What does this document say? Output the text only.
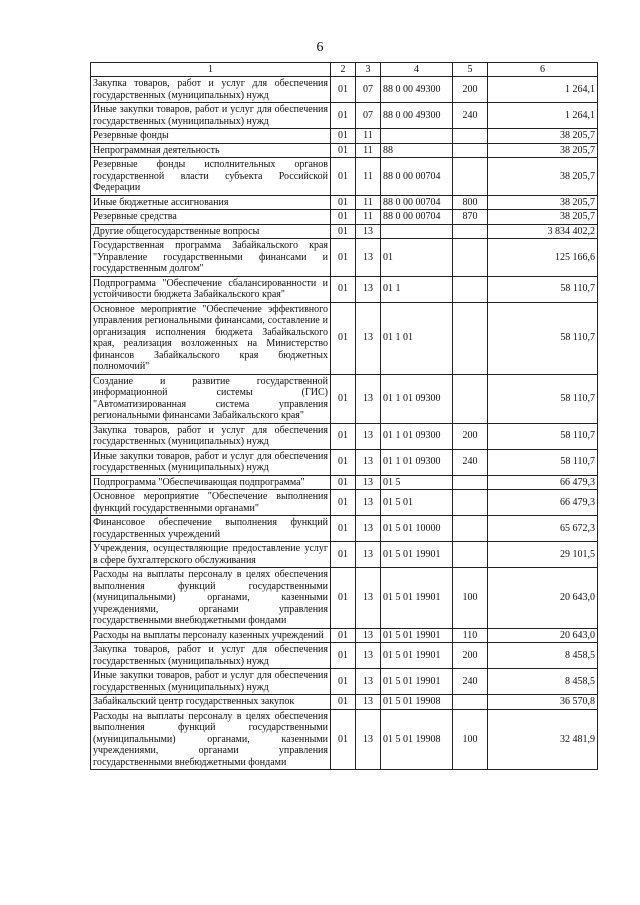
6
1	2	3	4	5	6
Закупка товаров, работ и услуг для обеспечения государственных (муниципальных) нужд	01	07	88 0 00 49300	200	1 264,1
Иные закупки товаров, работ и услуг для обеспечения государственных (муниципальных) нужд	01	07	88 0 00 49300	240	1 264,1
Резервные фонды	01	11			38 205,7
Непрограммная деятельность	01	11	88		38 205,7
Резервные фонды исполнительных органов государственной власти субъекта Российской Федерации	01	11	88 0 00 00704		38 205,7
Иные бюджетные ассигнования	01	11	88 0 00 00704	800	38 205,7
Резервные средства	01	11	88 0 00 00704	870	38 205,7
Другие общегосударственные вопросы	01	13			3 834 402,2
Государственная программа Забайкальского края "Управление государственными финансами и государственным долгом"	01	13	01		125 166,6
Подпрограмма "Обеспечение сбалансированности и устойчивости бюджета Забайкальского края"	01	13	01 1		58 110,7
Основное мероприятие "Обеспечение эффективного управления региональными финансами, составление и организация исполнения бюджета Забайкальского края, реализация возложенных на Министерство финансов Забайкальского края бюджетных полномочий"	01	13	01 1 01		58 110,7
Создание и развитие государственной информационной системы (ГИС) "Автоматизированная система управления региональными финансами Забайкальского края"	01	13	01 1 01 09300		58 110,7
Закупка товаров, работ и услуг для обеспечения государственных (муниципальных) нужд	01	13	01 1 01 09300	200	58 110,7
Иные закупки товаров, работ и услуг для обеспечения государственных (муниципальных) нужд	01	13	01 1 01 09300	240	58 110,7
Подпрограмма "Обеспечивающая подпрограмма"	01	13	01 5		66 479,3
Основное мероприятие "Обеспечение выполнения функций государственными органами"	01	13	01 5 01		66 479,3
Финансовое обеспечение выполнения функций государственных учреждений	01	13	01 5 01 10000		65 672,3
Учреждения, осуществляющие предоставление услуг в сфере бухгалтерского обслуживания	01	13	01 5 01 19901		29 101,5
Расходы на выплаты персоналу в целях обеспечения выполнения функций государственными (муниципальными) органами, казенными учреждениями, органами управления государственными внебюджетными фондами	01	13	01 5 01 19901	100	20 643,0
Расходы на выплаты персоналу казенных учреждений	01	13	01 5 01 19901	110	20 643,0
Закупка товаров, работ и услуг для обеспечения государственных (муниципальных) нужд	01	13	01 5 01 19901	200	8 458,5
Иные закупки товаров, работ и услуг для обеспечения государственных (муниципальных) нужд	01	13	01 5 01 19901	240	8 458,5
Забайкальский центр государственных закупок	01	13	01 5 01 19908		36 570,8
Расходы на выплаты персоналу в целях обеспечения выполнения функций государственными (муниципальными) органами, казенными учреждениями, органами управления государственными внебюджетными фондами	01	13	01 5 01 19908	100	32 481,9
